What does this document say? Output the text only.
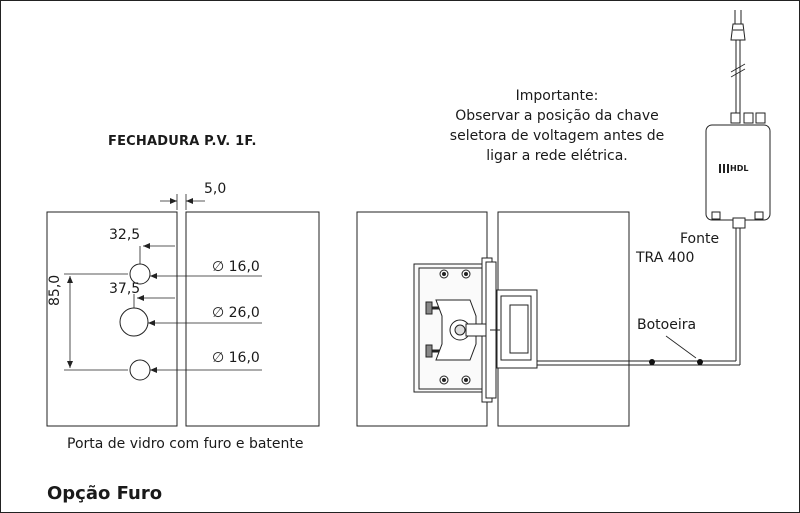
FECHADURA P.V. 1F.
Importante:
Observar a posição da chave
seletora de voltagem antes de
ligar a rede elétrica.
5,0
32,5
37,5
85,0
∅ 16,0
∅ 26,0
∅ 16,0
Fonte
TRA 400
Botoeira
HDL
Porta de vidro com furo e batente
Opção Furo
